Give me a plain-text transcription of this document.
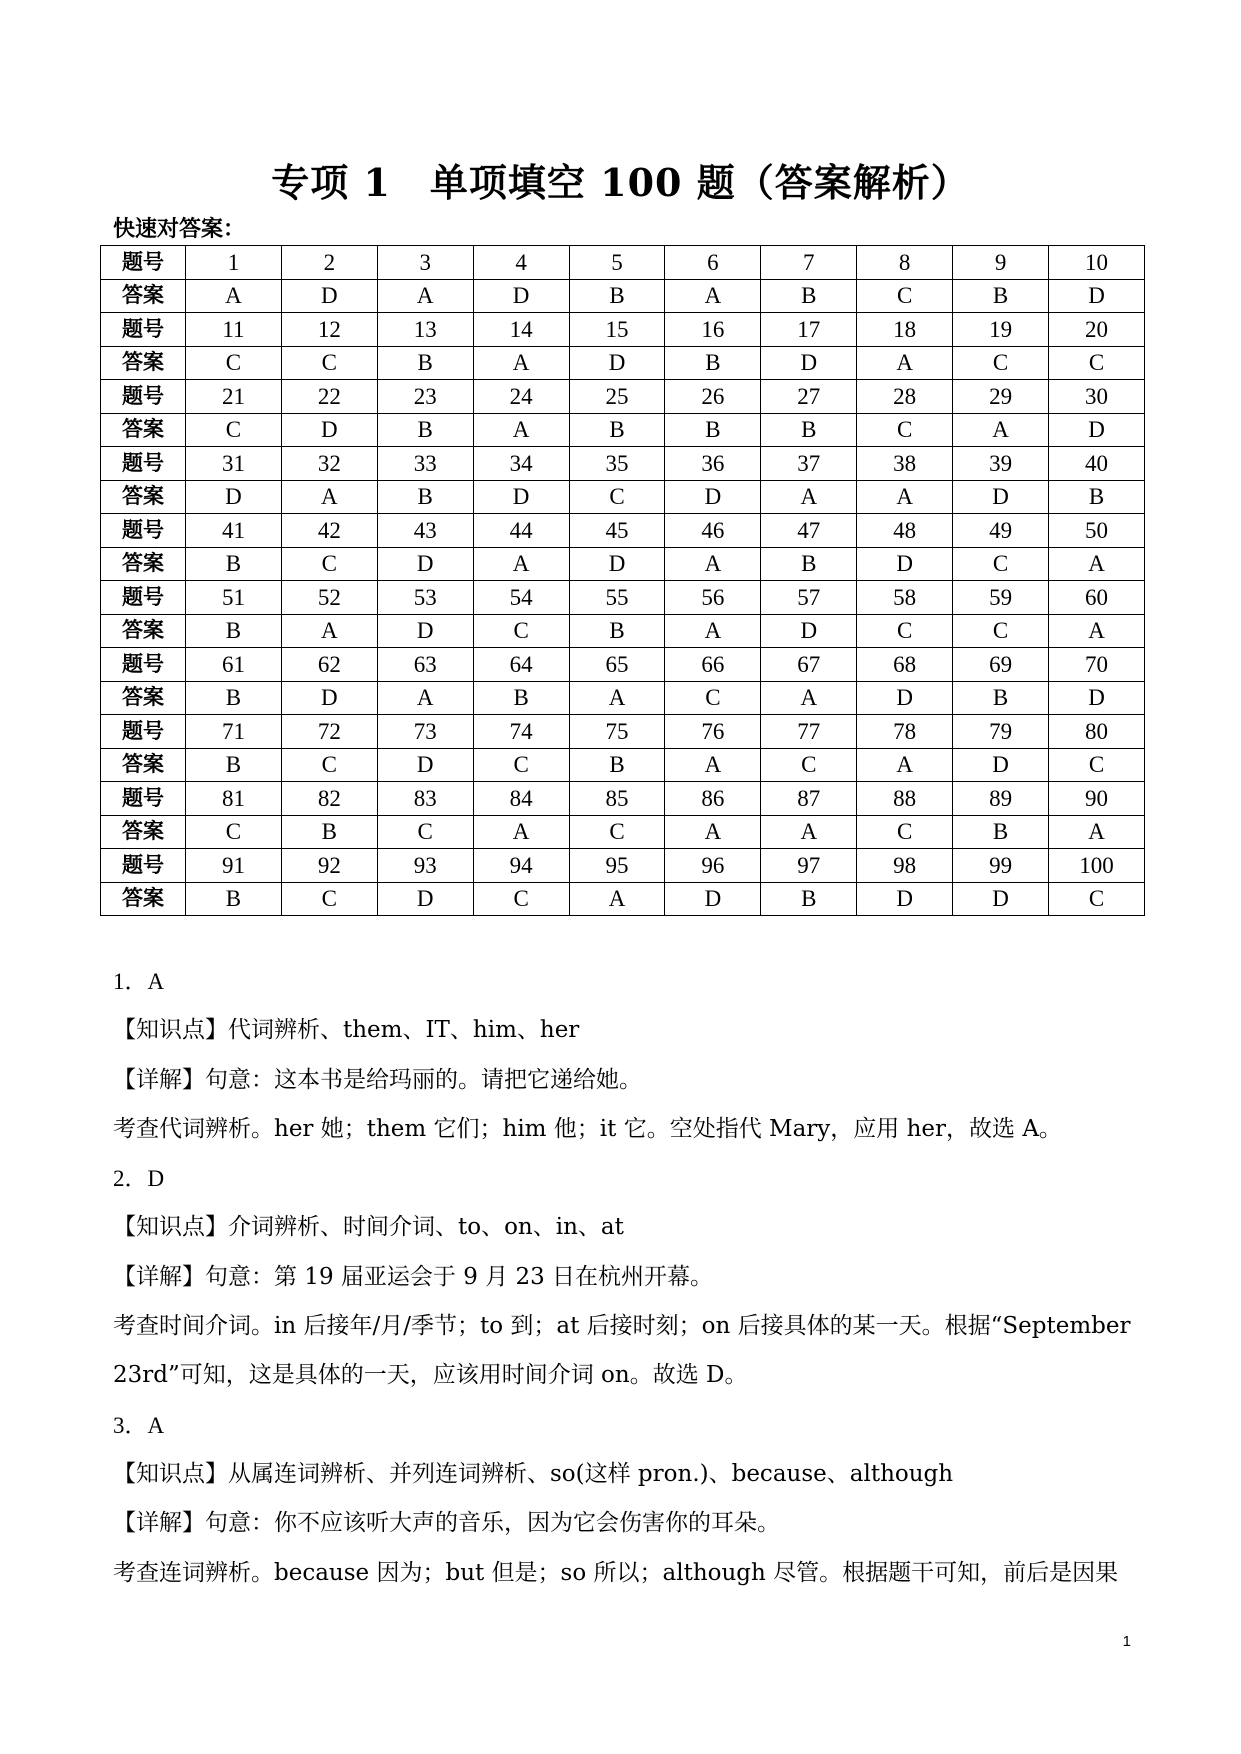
专项 1　单项填空 100 题（答案解析）
快速对答案：
题号	1	2	3	4	5	6	7	8	9	10
答案	A	D	A	D	B	A	B	C	B	D
题号	11	12	13	14	15	16	17	18	19	20
答案	C	C	B	A	D	B	D	A	C	C
题号	21	22	23	24	25	26	27	28	29	30
答案	C	D	B	A	B	B	B	C	A	D
题号	31	32	33	34	35	36	37	38	39	40
答案	D	A	B	D	C	D	A	A	D	B
题号	41	42	43	44	45	46	47	48	49	50
答案	B	C	D	A	D	A	B	D	C	A
题号	51	52	53	54	55	56	57	58	59	60
答案	B	A	D	C	B	A	D	C	C	A
题号	61	62	63	64	65	66	67	68	69	70
答案	B	D	A	B	A	C	A	D	B	D
题号	71	72	73	74	75	76	77	78	79	80
答案	B	C	D	C	B	A	C	A	D	C
题号	81	82	83	84	85	86	87	88	89	90
答案	C	B	C	A	C	A	A	C	B	A
题号	91	92	93	94	95	96	97	98	99	100
答案	B	C	D	C	A	D	B	D	D	C
1．A
【知识点】代词辨析、them、IT、him、her
【详解】句意：这本书是给玛丽的。请把它递给她。
考查代词辨析。her 她；them 它们；him 他；it 它。空处指代 Mary，应用 her，故选 A。
2．D
【知识点】介词辨析、时间介词、to、on、in、at
【详解】句意：第 19 届亚运会于 9 月 23 日在杭州开幕。
考查时间介词。in 后接年/月/季节；to 到；at 后接时刻；on 后接具体的某一天。根据“September
23rd”可知，这是具体的一天，应该用时间介词 on。故选 D。
3．A
【知识点】从属连词辨析、并列连词辨析、so(这样 pron.)、because、although
【详解】句意：你不应该听大声的音乐，因为它会伤害你的耳朵。
考查连词辨析。because 因为；but 但是；so 所以；although 尽管。根据题干可知，前后是因果
1
